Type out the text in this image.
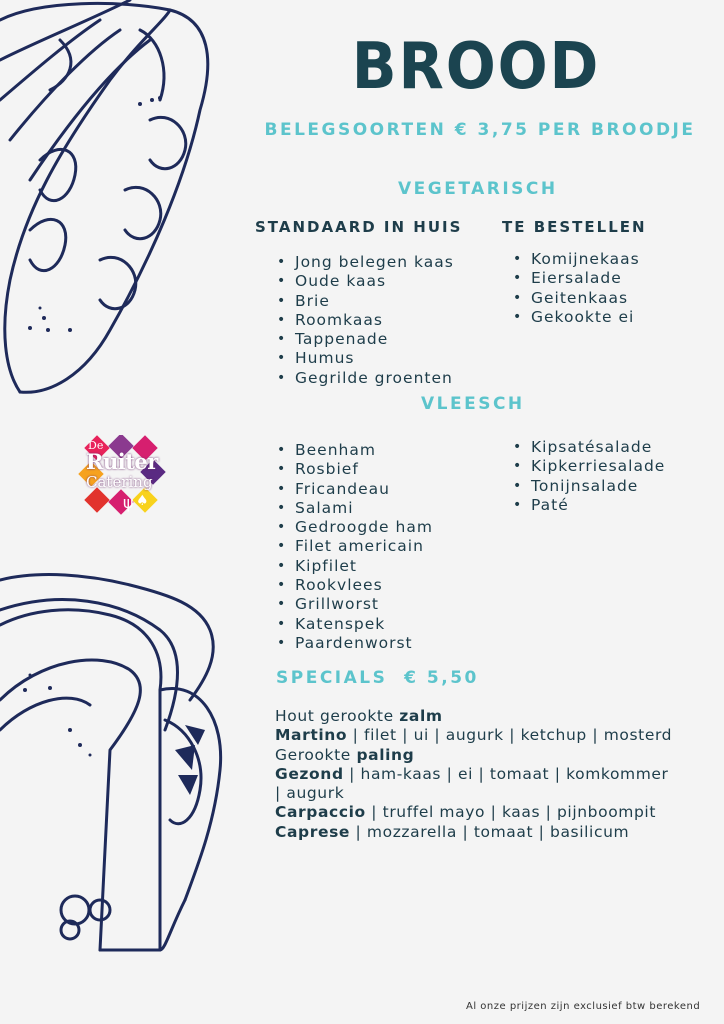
De
Ruiter
Catering
ψ ♠
BROOD
BELEGSOORTEN € 3,75 PER BROODJE
VEGETARISCH
STANDAARD IN HUIS	TE BESTELLEN
• Jong belegen kaas
• Oude kaas
• Brie
• Roomkaas
• Tappenade
• Humus
• Gegrilde groenten
• Komijnekaas
• Eiersalade
• Geitenkaas
• Gekookte ei
VLEESCH
• Beenham
• Rosbief
• Fricandeau
• Salami
• Gedroogde ham
• Filet americain
• Kipfilet
• Rookvlees
• Grillworst
• Katenspek
• Paardenworst
• Kipsatésalade
• Kipkerriesalade
• Tonijnsalade
• Paté
SPECIALS  € 5,50

Hout gerookte zalm

Martino | filet | ui | augurk | ketchup | mosterd

Gerookte paling

Gezond | ham-kaas | ei | tomaat | komkommer | augurk

Carpaccio | truffel mayo | kaas | pijnboompit

Caprese | mozzarella | tomaat | basilicum

Al onze prijzen zijn exclusief btw berekend
